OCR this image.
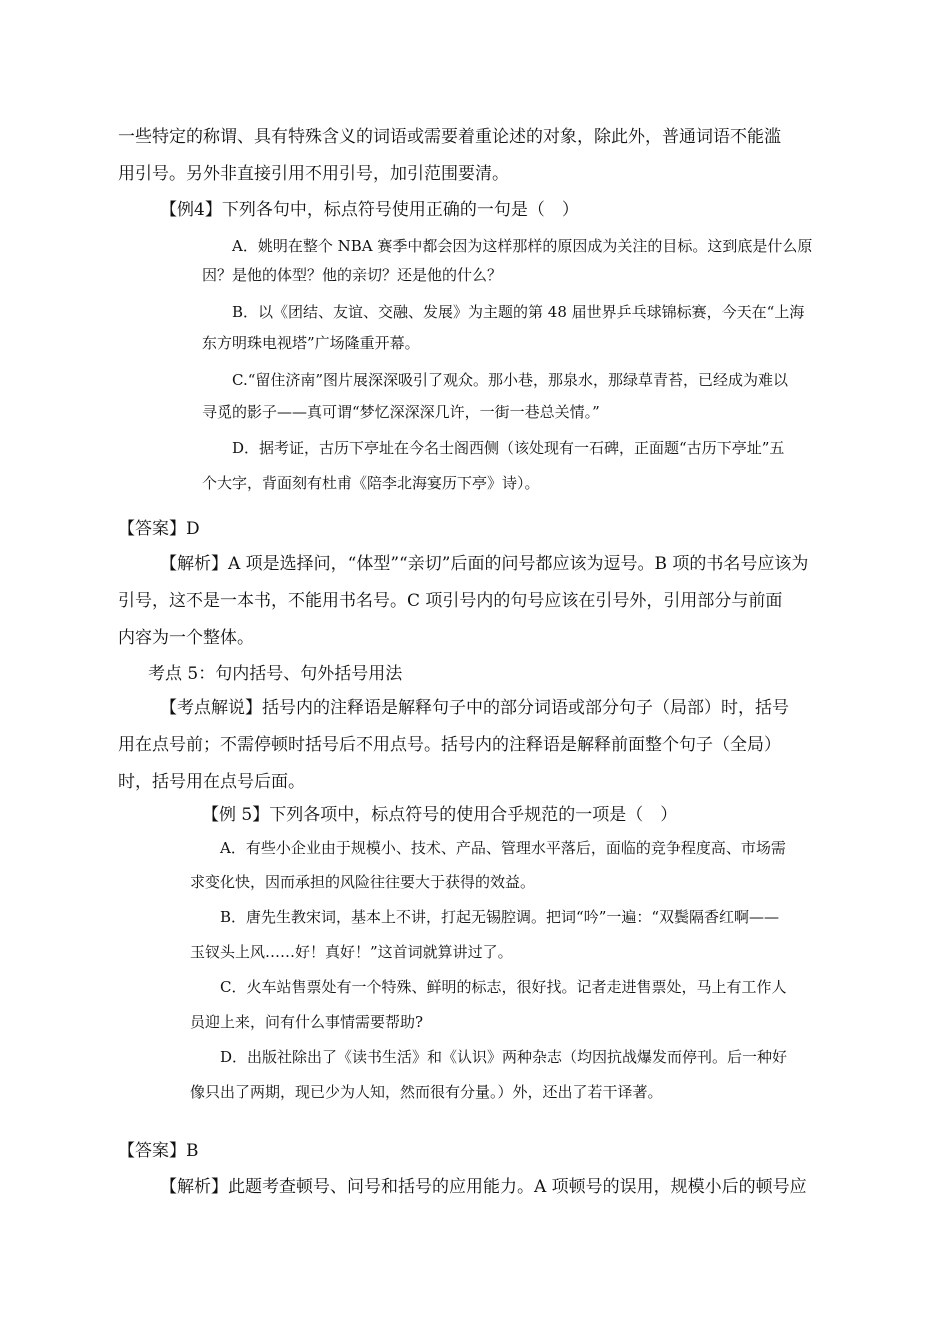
一些特定的称谓、具有特殊含义的词语或需要着重论述的对象，除此外，普通词语不能滥
用引号。另外非直接引用不用引号，加引范围要清。
【例4】下列各句中，标点符号使用正确的一句是（　）
A．姚明在整个 NBA 赛季中都会因为这样那样的原因成为关注的目标。这到底是什么原
因？是他的体型？他的亲切？还是他的什么？
B．以《团结、友谊、交融、发展》为主题的第 48 届世界乒乓球锦标赛，今天在“上海
东方明珠电视塔”广场隆重开幕。
C.“留住济南”图片展深深吸引了观众。那小巷，那泉水，那绿草青苔，已经成为难以
寻觅的影子——真可谓“梦忆深深深几许，一街一巷总关情。”
D．据考证，古历下亭址在今名士阁西侧（该处现有一石碑，正面题“古历下亭址”五
个大字，背面刻有杜甫《陪李北海宴历下亭》诗）。
【答案】D
【解析】A 项是选择问，“体型”“亲切”后面的问号都应该为逗号。B 项的书名号应该为
引号，这不是一本书，不能用书名号。C 项引号内的句号应该在引号外，引用部分与前面
内容为一个整体。
考点 5：句内括号、句外括号用法
【考点解说】括号内的注释语是解释句子中的部分词语或部分句子（局部）时，括号
用在点号前；不需停顿时括号后不用点号。括号内的注释语是解释前面整个句子（全局）
时，括号用在点号后面。
【例 5】下列各项中，标点符号的使用合乎规范的一项是（　）
A．有些小企业由于规模小、技术、产品、管理水平落后，面临的竞争程度高、市场需
求变化快，因而承担的风险往往要大于获得的效益。
B．唐先生教宋词，基本上不讲，打起无锡腔调。把词“吟”一遍：“双鬓隔香红啊——
玉钗头上风……好！真好！”这首词就算讲过了。
C．火车站售票处有一个特殊、鲜明的标志，很好找。记者走进售票处，马上有工作人
员迎上来，问有什么事情需要帮助?
D．出版社除出了《读书生活》和《认识》两种杂志（均因抗战爆发而停刊。后一种好
像只出了两期，现已少为人知，然而很有分量。）外，还出了若干译著。
【答案】B
【解析】此题考查顿号、问号和括号的应用能力。A 项顿号的误用，规模小后的顿号应
